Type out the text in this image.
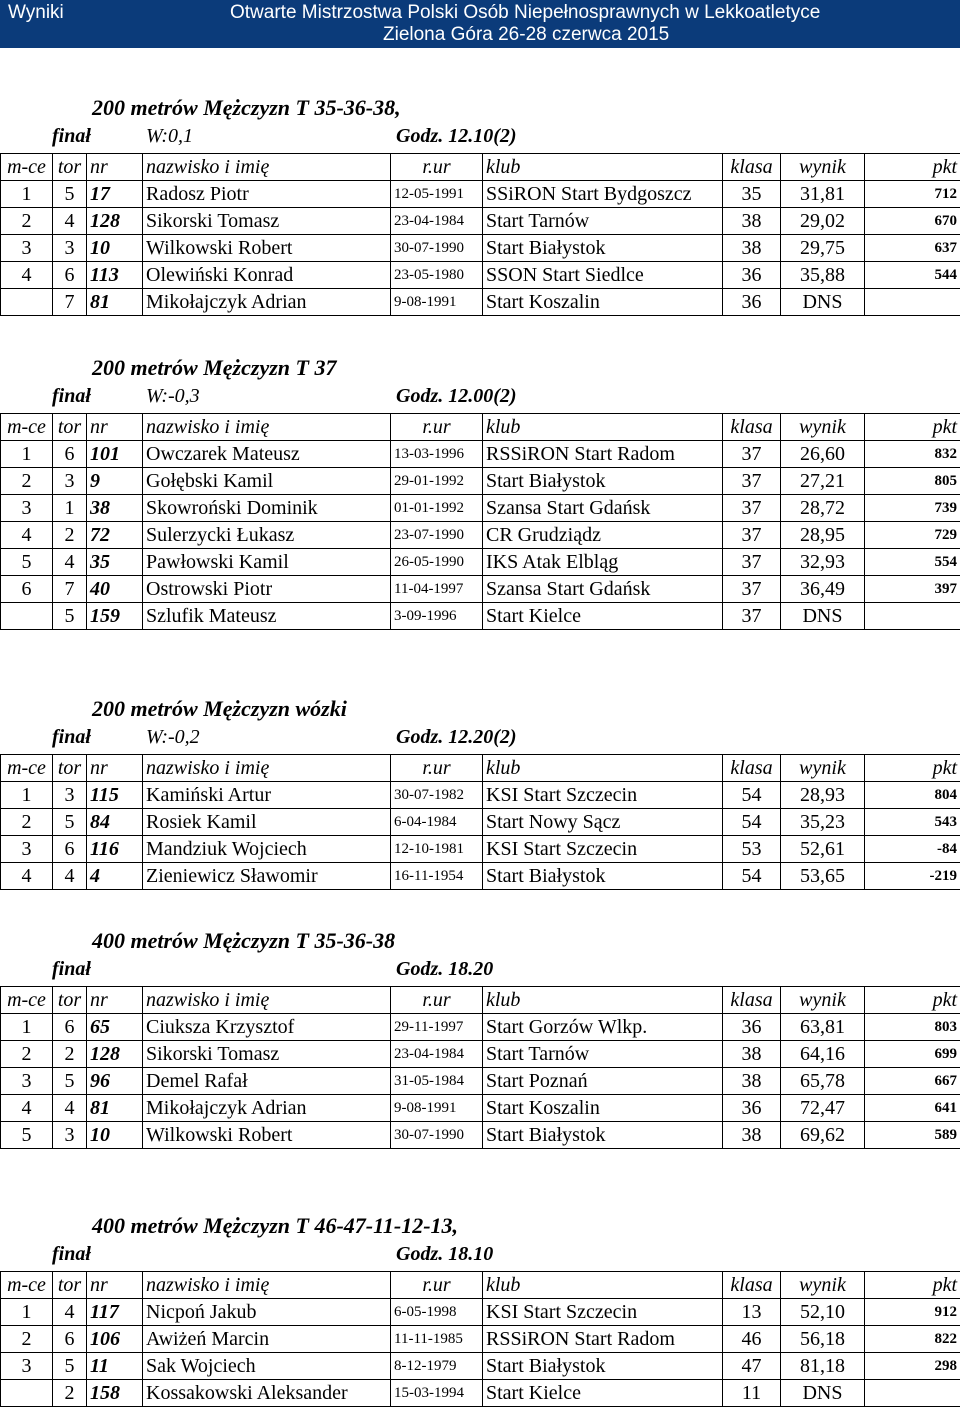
Wyniki	Otwarte Mistrzostwa Polski Osób Niepełnosprawnych w Lekkoatletyce
Zielona Góra 26-28 czerwca 2015
200 metrów Mężczyzn T 35-36-38,
finał	W:0,1	Godz. 12.10(2)
m-ce	tor	nr	nazwisko i imię	r.ur	klub	klasa	wynik	pkt
1	5	17	Radosz Piotr	12-05-1991	SSiRON Start Bydgoszcz	35	31,81	712
2	4	128	Sikorski Tomasz	23-04-1984	Start Tarnów	38	29,02	670
3	3	10	Wilkowski Robert	30-07-1990	Start Białystok	38	29,75	637
4	6	113	Olewiński Konrad	23-05-1980	SSON Start Siedlce	36	35,88	544
	7	81	Mikołajczyk Adrian	9-08-1991	Start Koszalin	36	DNS	
200 metrów Mężczyzn T 37
finał	W:-0,3	Godz. 12.00(2)
m-ce	tor	nr	nazwisko i imię	r.ur	klub	klasa	wynik	pkt
1	6	101	Owczarek Mateusz	13-03-1996	RSSiRON Start Radom	37	26,60	832
2	3	9	Gołębski Kamil	29-01-1992	Start Białystok	37	27,21	805
3	1	38	Skowroński Dominik	01-01-1992	Szansa Start Gdańsk	37	28,72	739
4	2	72	Sulerzycki Łukasz	23-07-1990	CR Grudziądz	37	28,95	729
5	4	35	Pawłowski Kamil	26-05-1990	IKS Atak Elbląg	37	32,93	554
6	7	40	Ostrowski Piotr	11-04-1997	Szansa Start Gdańsk	37	36,49	397
	5	159	Szlufik Mateusz	3-09-1996	Start Kielce	37	DNS	
200 metrów Mężczyzn wózki
finał	W:-0,2	Godz. 12.20(2)
m-ce	tor	nr	nazwisko i imię	r.ur	klub	klasa	wynik	pkt
1	3	115	Kamiński Artur	30-07-1982	KSI Start Szczecin	54	28,93	804
2	5	84	Rosiek Kamil	6-04-1984	Start Nowy Sącz	54	35,23	543
3	6	116	Mandziuk Wojciech	12-10-1981	KSI Start Szczecin	53	52,61	-84
4	4	4	Zieniewicz Sławomir	16-11-1954	Start Białystok	54	53,65	-219
400 metrów Mężczyzn T 35-36-38
finał	Godz. 18.20
m-ce	tor	nr	nazwisko i imię	r.ur	klub	klasa	wynik	pkt
1	6	65	Ciuksza Krzysztof	29-11-1997	Start Gorzów Wlkp.	36	63,81	803
2	2	128	Sikorski Tomasz	23-04-1984	Start Tarnów	38	64,16	699
3	5	96	Demel Rafał	31-05-1984	Start Poznań	38	65,78	667
4	4	81	Mikołajczyk Adrian	9-08-1991	Start Koszalin	36	72,47	641
5	3	10	Wilkowski Robert	30-07-1990	Start Białystok	38	69,62	589
400 metrów Mężczyzn T 46-47-11-12-13,
finał	Godz. 18.10
m-ce	tor	nr	nazwisko i imię	r.ur	klub	klasa	wynik	pkt
1	4	117	Nicpoń Jakub	6-05-1998	KSI Start Szczecin	13	52,10	912
2	6	106	Awiżeń Marcin	11-11-1985	RSSiRON Start Radom	46	56,18	822
3	5	11	Sak Wojciech	8-12-1979	Start Białystok	47	81,18	298
	2	158	Kossakowski Aleksander	15-03-1994	Start Kielce	11	DNS	
